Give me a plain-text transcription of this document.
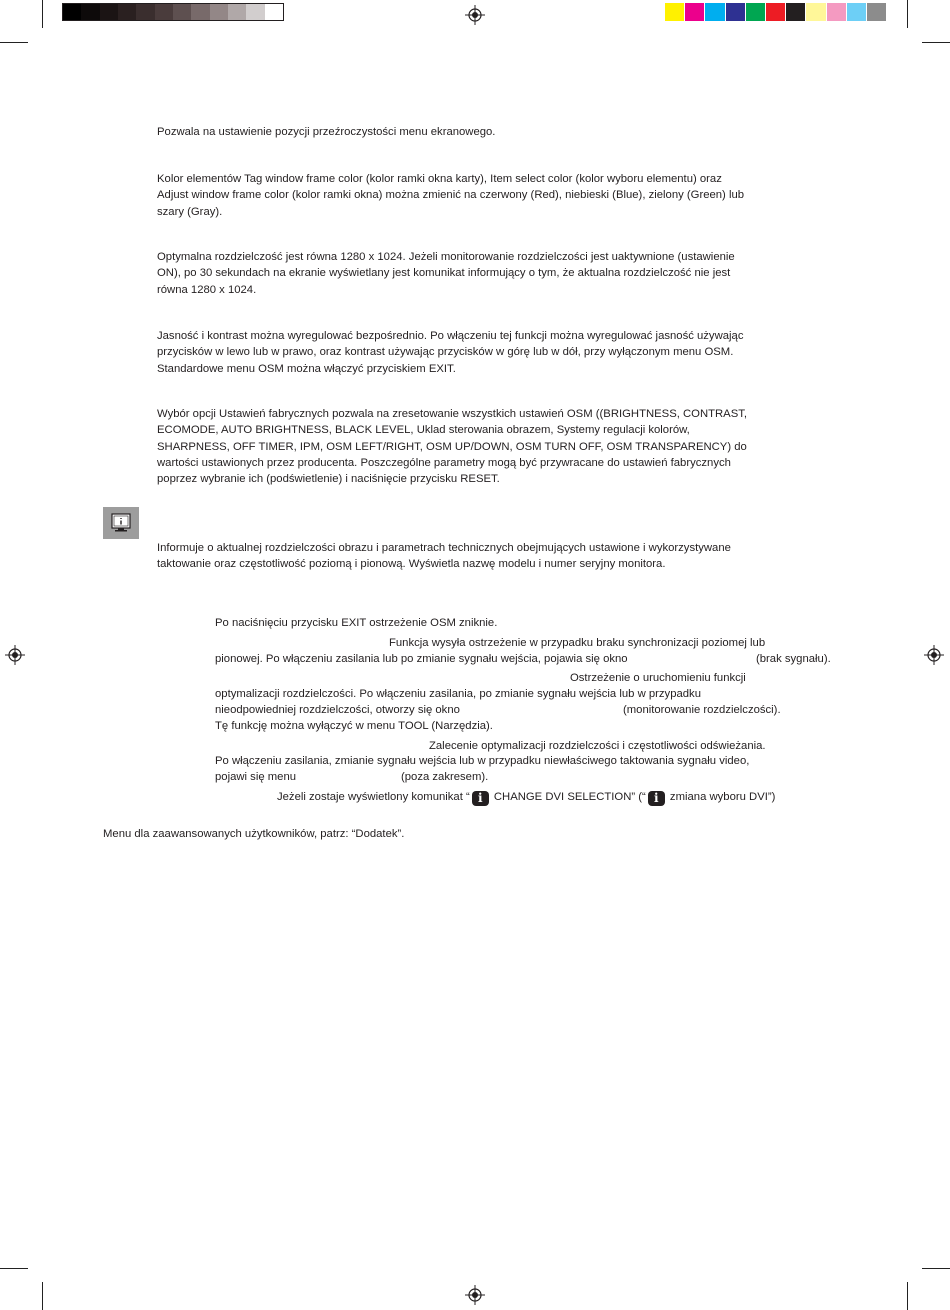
Pozwala na ustawienie pozycji przeźroczystości menu ekranowego.
Kolor elementów Tag window frame color (kolor ramki okna karty), Item select color (kolor wyboru elementu) oraz
Adjust window frame color (kolor ramki okna) można zmienić na czerwony (Red), niebieski (Blue), zielony (Green) lub
szary (Gray).
Optymalna rozdzielczość jest równa 1280 x 1024. Jeżeli monitorowanie rozdzielczości jest uaktywnione (ustawienie
ON), po 30 sekundach na ekranie wyświetlany jest komunikat informujący o tym, że aktualna rozdzielczość nie jest
równa 1280 x 1024.
Jasność i kontrast można wyregulować bezpośrednio. Po włączeniu tej funkcji można wyregulować jasność używając
przycisków w lewo lub w prawo, oraz kontrast używając przycisków w górę lub w dół, przy wyłączonym menu OSM.
Standardowe menu OSM można włączyć przyciskiem EXIT.
Wybór opcji Ustawień fabrycznych pozwala na zresetowanie wszystkich ustawień OSM ((BRIGHTNESS, CONTRAST,
ECOMODE, AUTO BRIGHTNESS, BLACK LEVEL, Uklad sterowania obrazem, Systemy regulacji kolorów,
SHARPNESS, OFF TIMER, IPM, OSM LEFT/RIGHT, OSM UP/DOWN, OSM TURN OFF, OSM TRANSPARENCY) do
wartości ustawionych przez producenta. Poszczególne parametry mogą być przywracane do ustawień fabrycznych
poprzez wybranie ich (podświetlenie) i naciśnięcie przycisku RESET.
Informuje o aktualnej rozdzielczości obrazu i parametrach technicznych obejmujących ustawione i wykorzystywane
taktowanie oraz częstotliwość poziomą i pionową. Wyświetla nazwę modelu i numer seryjny monitora.
Po naciśnięciu przycisku EXIT ostrzeżenie OSM zniknie.
Funkcja wysyła ostrzeżenie w przypadku braku synchronizacji poziomej lub
pionowej. Po włączeniu zasilania lub po zmianie sygnału wejścia, pojawia się okno	(brak sygnału).
Ostrzeżenie o uruchomieniu funkcji
optymalizacji rozdzielczości. Po włączeniu zasilania, po zmianie sygnału wejścia lub w przypadku
nieodpowiedniej rozdzielczości, otworzy się okno	(monitorowanie rozdzielczości).
Tę funkcję można wyłączyć w menu TOOL (Narzędzia).
Zalecenie optymalizacji rozdzielczości i częstotliwości odświeżania.
Po włączeniu zasilania, zmianie sygnału wejścia lub w przypadku niewłaściwego taktowania sygnału video,
pojawi się menu	(poza zakresem).
Jeżeli zostaje wyświetlony komunikat “ i CHANGE DVI SELECTION” (“ i zmiana wyboru DVI”)
Menu dla zaawansowanych użytkowników, patrz: “Dodatek”.
